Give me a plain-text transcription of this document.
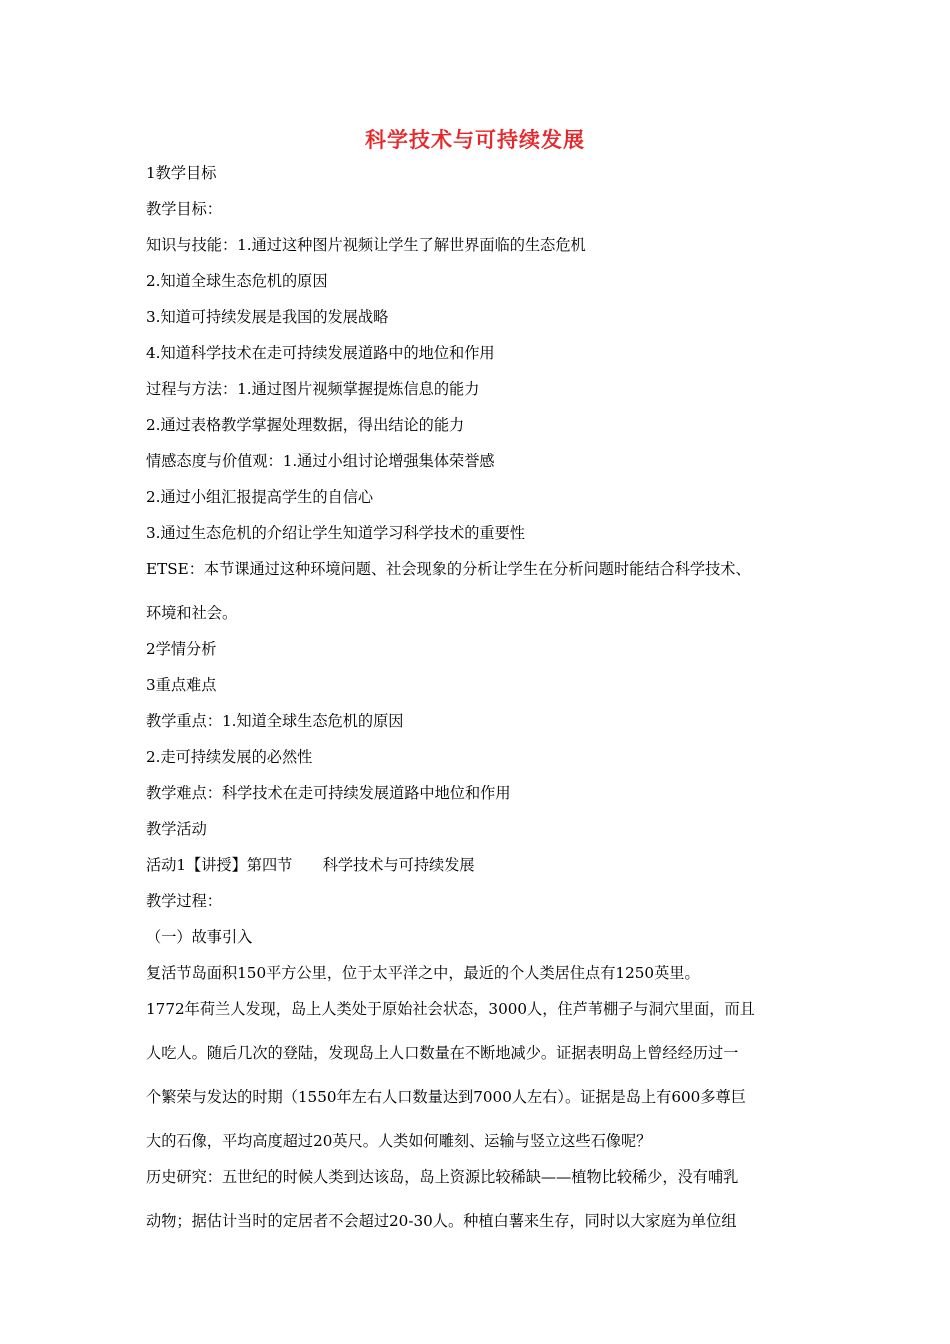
科学技术与可持续发展
1教学目标
教学目标：
知识与技能：1.通过这种图片视频让学生了解世界面临的生态危机
2.知道全球生态危机的原因
3.知道可持续发展是我国的发展战略
4.知道科学技术在走可持续发展道路中的地位和作用
过程与方法：1.通过图片视频掌握提炼信息的能力
2.通过表格教学掌握处理数据，得出结论的能力
情感态度与价值观：1.通过小组讨论增强集体荣誉感
2.通过小组汇报提高学生的自信心
3.通过生态危机的介绍让学生知道学习科学技术的重要性
ETSE：本节课通过这种环境问题、社会现象的分析让学生在分析问题时能结合科学技术、
环境和社会。
2学情分析
3重点难点
教学重点：1.知道全球生态危机的原因
2.走可持续发展的必然性
教学难点：科学技术在走可持续发展道路中地位和作用
教学活动
活动1【讲授】第四节　　科学技术与可持续发展
教学过程：
（一）故事引入
复活节岛面积150平方公里，位于太平洋之中，最近的个人类居住点有1250英里。
1772年荷兰人发现，岛上人类处于原始社会状态，3000人，住芦苇棚子与洞穴里面，而且
人吃人。随后几次的登陆，发现岛上人口数量在不断地减少。证据表明岛上曾经经历过一
个繁荣与发达的时期（1550年左右人口数量达到7000人左右）。证据是岛上有600多尊巨
大的石像，平均高度超过20英尺。人类如何雕刻、运输与竖立这些石像呢？
历史研究：五世纪的时候人类到达该岛，岛上资源比较稀缺——植物比较稀少，没有哺乳
动物；据估计当时的定居者不会超过20-30人。种植白薯来生存，同时以大家庭为单位组
